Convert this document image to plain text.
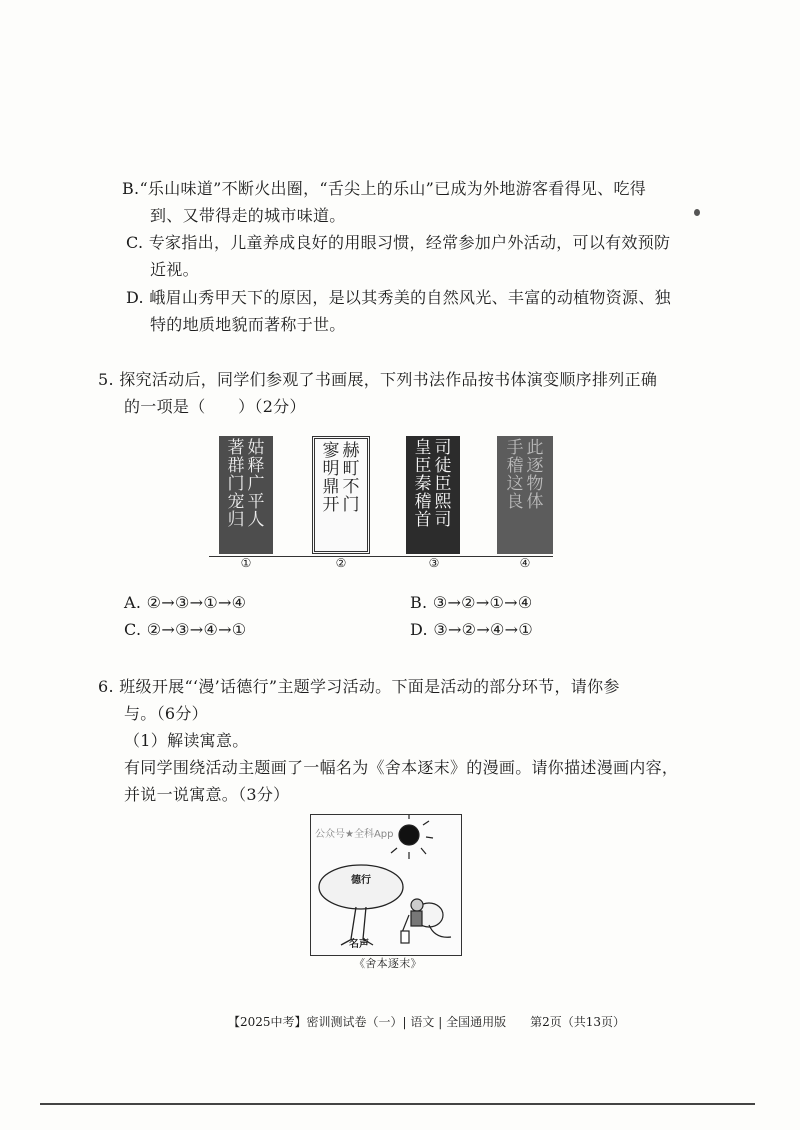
B.“乐山味道”不断火出圈，“舌尖上的乐山”已成为外地游客看得见、吃得
到、又带得走的城市味道。
C. 专家指出，儿童养成良好的用眼习惯，经常参加户外活动，可以有效预防
近视。
D. 峨眉山秀甲天下的原因，是以其秀美的自然风光、丰富的动植物资源、独
特的地质地貌而著称于世。
5. 探究活动后，同学们参观了书画展，下列书法作品按书体演变顺序排列正确
的一项是（　　）（2分）
姑
释
广
平
人
著
群
门
宠
归
赫
町
不
门
寥
明
鼎
开
司
徒
臣
熙
司
皇
臣
秦
稽
首
此
逐
物
体
手
稽
这
良
①	②	③	④
A. ②→③→①→④	B. ③→②→①→④
C. ②→③→④→①	D. ③→②→④→①
6. 班级开展“‘漫’话德行”主题学习活动。下面是活动的部分环节，请你参
与。（6分）
（1）解读寓意。
有同学围绕活动主题画了一幅名为《舍本逐末》的漫画。请你描述漫画内容，
并说一说寓意。（3分）
公众号★全科App
德行
名声
《舍本逐末》
【2025中考】密训测试卷（一）| 语文 | 全国通用版　　第2页（共13页）
